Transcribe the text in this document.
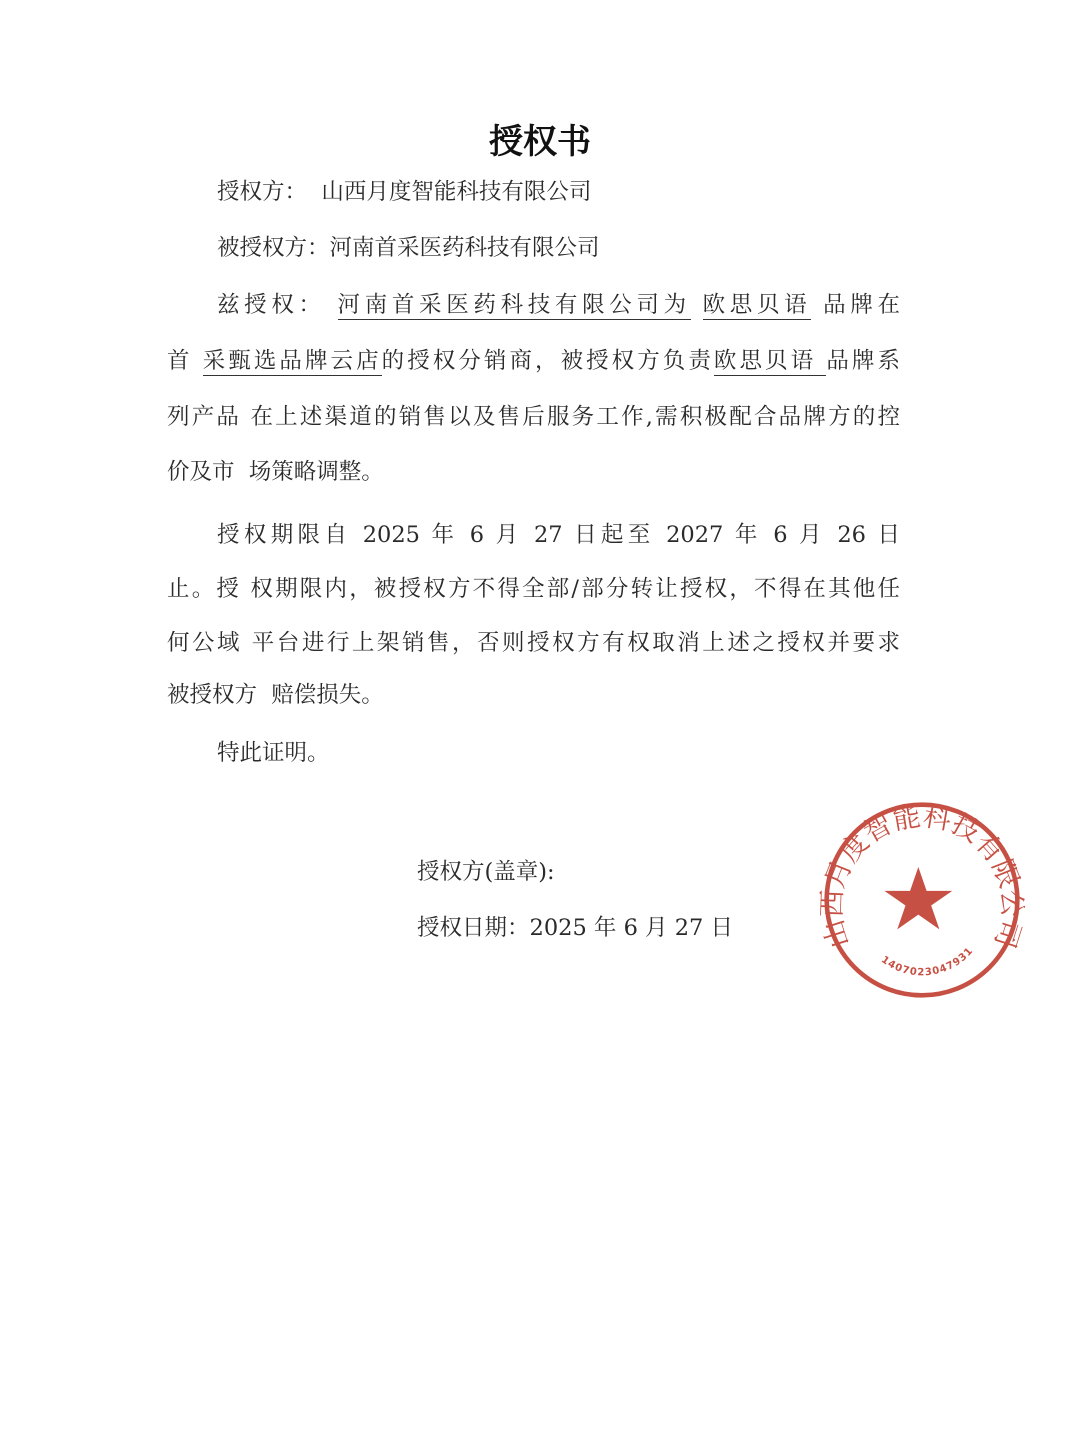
授权书
授权方： 山西月度智能科技有限公司
被授权方：河南首采医药科技有限公司
兹授权： 河南首采医药科技有限公司为 欧思贝语 品牌在
首 采甄选品牌云店的授权分销商，被授权方负责欧思贝语 品牌系
列产品 在上述渠道的销售以及售后服务工作,需积极配合品牌方的控
价及市  场策略调整。
授权期限自 2025 年 6 月 27 日起至 2027 年 6 月 26 日
止。授 权期限内，被授权方不得全部/部分转让授权，不得在其他任
何公域 平台进行上架销售，否则授权方有权取消上述之授权并要求
被授权方  赔偿损失。
特此证明。
授权方(盖章):
授权日期：2025 年 6 月 27 日	山西月度智能科技有限公司
1407023047931
